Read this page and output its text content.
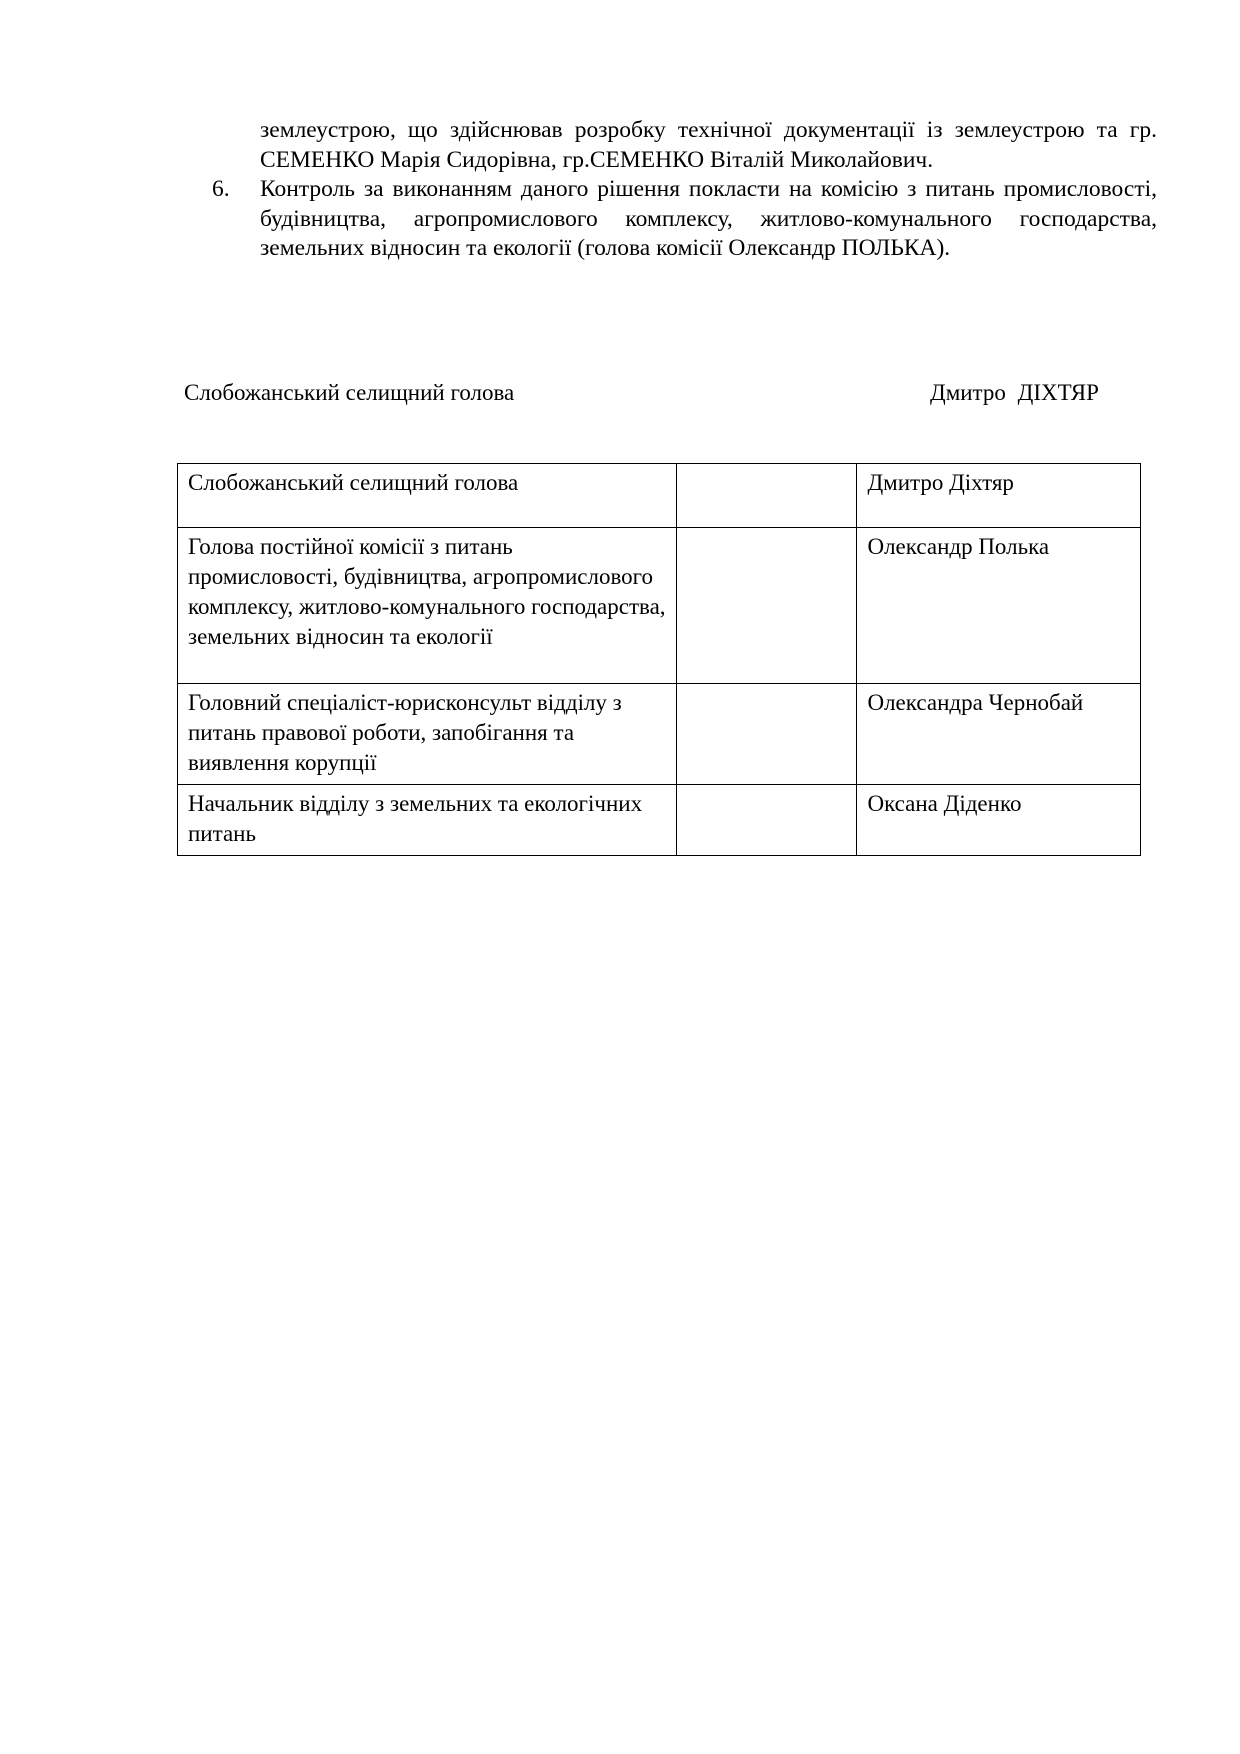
землеустрою, що здійснював розробку технічної документації із землеустрою та гр. СЕМЕНКО Марія Сидорівна, гр.СЕМЕНКО Віталій Миколайович.
6.	Контроль за виконанням даного рішення покласти на комісію з питань промисловості, будівництва, агропромислового комплексу, житлово-комунального господарства, земельних відносин та екології (голова комісії Олександр ПОЛЬКА).
Слобожанський селищний голова	Дмитро ДІХТЯР
Слобожанський селищний голова		Дмитро Діхтяр
Голова постійної комісії з питань промисловості, будівництва, агропромислового комплексу, житлово-комунального господарства, земельних відносин та екології		Олександр Полька
Головний спеціаліст-юрисконсульт відділу з питань правової роботи, запобігання та виявлення корупції		Олександра Чернобай
Начальник відділу з земельних та екологічних питань		Оксана Діденко
